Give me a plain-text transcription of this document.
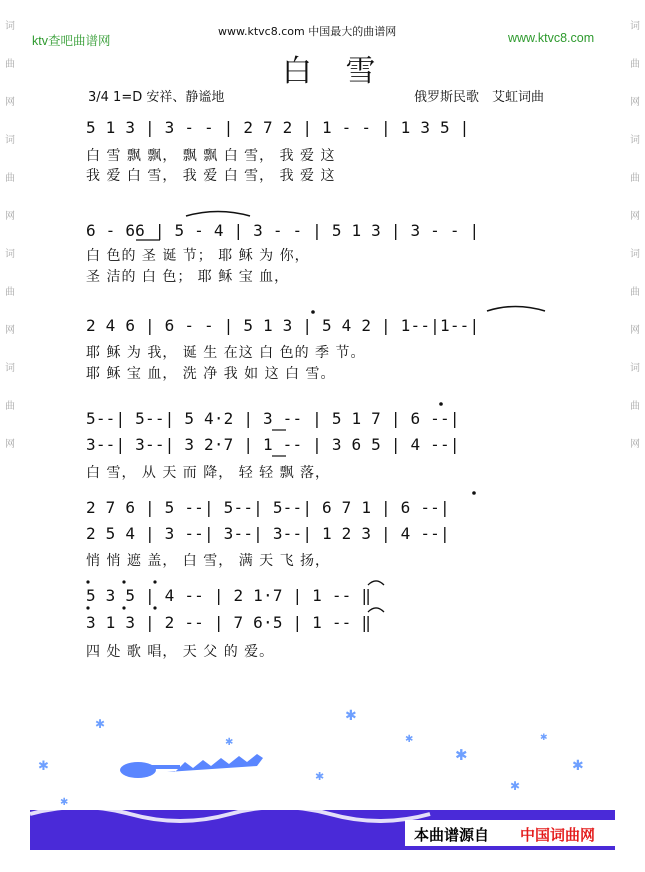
词
曲
网
词
曲
网
词
曲
网
词
曲
网
词
曲
网
词
曲
网
词
曲
网
词
曲
网
ktv查吧曲谱网
www.ktvc8.com 中国最大的曲谱网	www.ktvc8.com
白 雪
3/4 1=D 安祥、静谧地	俄罗斯民歌　艾虹词曲
5 1 3 | 3 - - | 2 7 2 | 1 - - | 1 3 5 |
白 雪 飘 飘， 飘 飘 白 雪， 我 爱 这
我 爱 白 雪， 我 爱 白 雪， 我 爱 这
6 - 66 | 5 - 4 | 3 - - | 5 1 3 | 3 - - |
白 色的 圣 诞 节； 耶 稣 为 你，
圣 洁的 白 色； 耶 稣 宝 血，
2 4 6 | 6 - - | 5 1 3 | 5 4 2 | 1--|1--|
耶 稣 为 我， 诞 生 在这 白 色的 季 节。
耶 稣 宝 血， 洗 净 我 如 这 白 雪。
5--| 5--| 5 4·2 | 3 -- | 5 1 7 | 6 --|
3--| 3--| 3 2·7 | 1 -- | 3 6 5 | 4 --|
白 雪， 从 天 而 降， 轻 轻 飘 落，
2 7 6 | 5 --| 5--| 5--| 6 7 1 | 6 --|
2 5 4 | 3 --| 3--| 3--| 1 2 3 | 4 --|
悄 悄 遮 盖， 白 雪， 满 天 飞 扬，
5 3 5 | 4 -- | 2 1·7 | 1 -- ‖
3 1 3 | 2 -- | 7 6·5 | 1 -- ‖
四 处 歌 唱， 天 父 的 爱。
✱	✱
✱
✱
✱
✱
✱
✱
✱
✱	✱
本曲谱源自 中国词曲网
